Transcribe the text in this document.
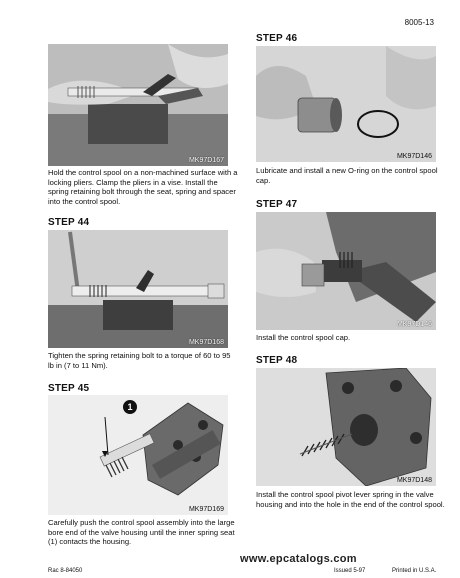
8005-13
MK97D167
Hold the control spool on a non-machined surface with a locking pliers. Clamp the pliers in a vise. Install the spring retaining bolt through the seat, spring and spacer into the control spool.
STEP 44
MK97D168
Tighten the spring retaining bolt to a torque of 60 to 95 lb in (7 to 11 Nm).
STEP 45
1
MK97D169
Carefully push the control spool assembly into the large bore end of the valve housing until the inner spring seat (1) contacts the housing.
STEP 46
MK97D146
Lubricate and install a new O-ring on the control spool cap.
STEP 47
MK97D146
Install the control spool cap.
STEP 48
MK97D148
Install the control spool pivot lever spring in the valve housing and into the hole in the end of the control spool.
www.epcatalogs.com
Rac 8-84050	Issued 5-97	Printed in U.S.A.
